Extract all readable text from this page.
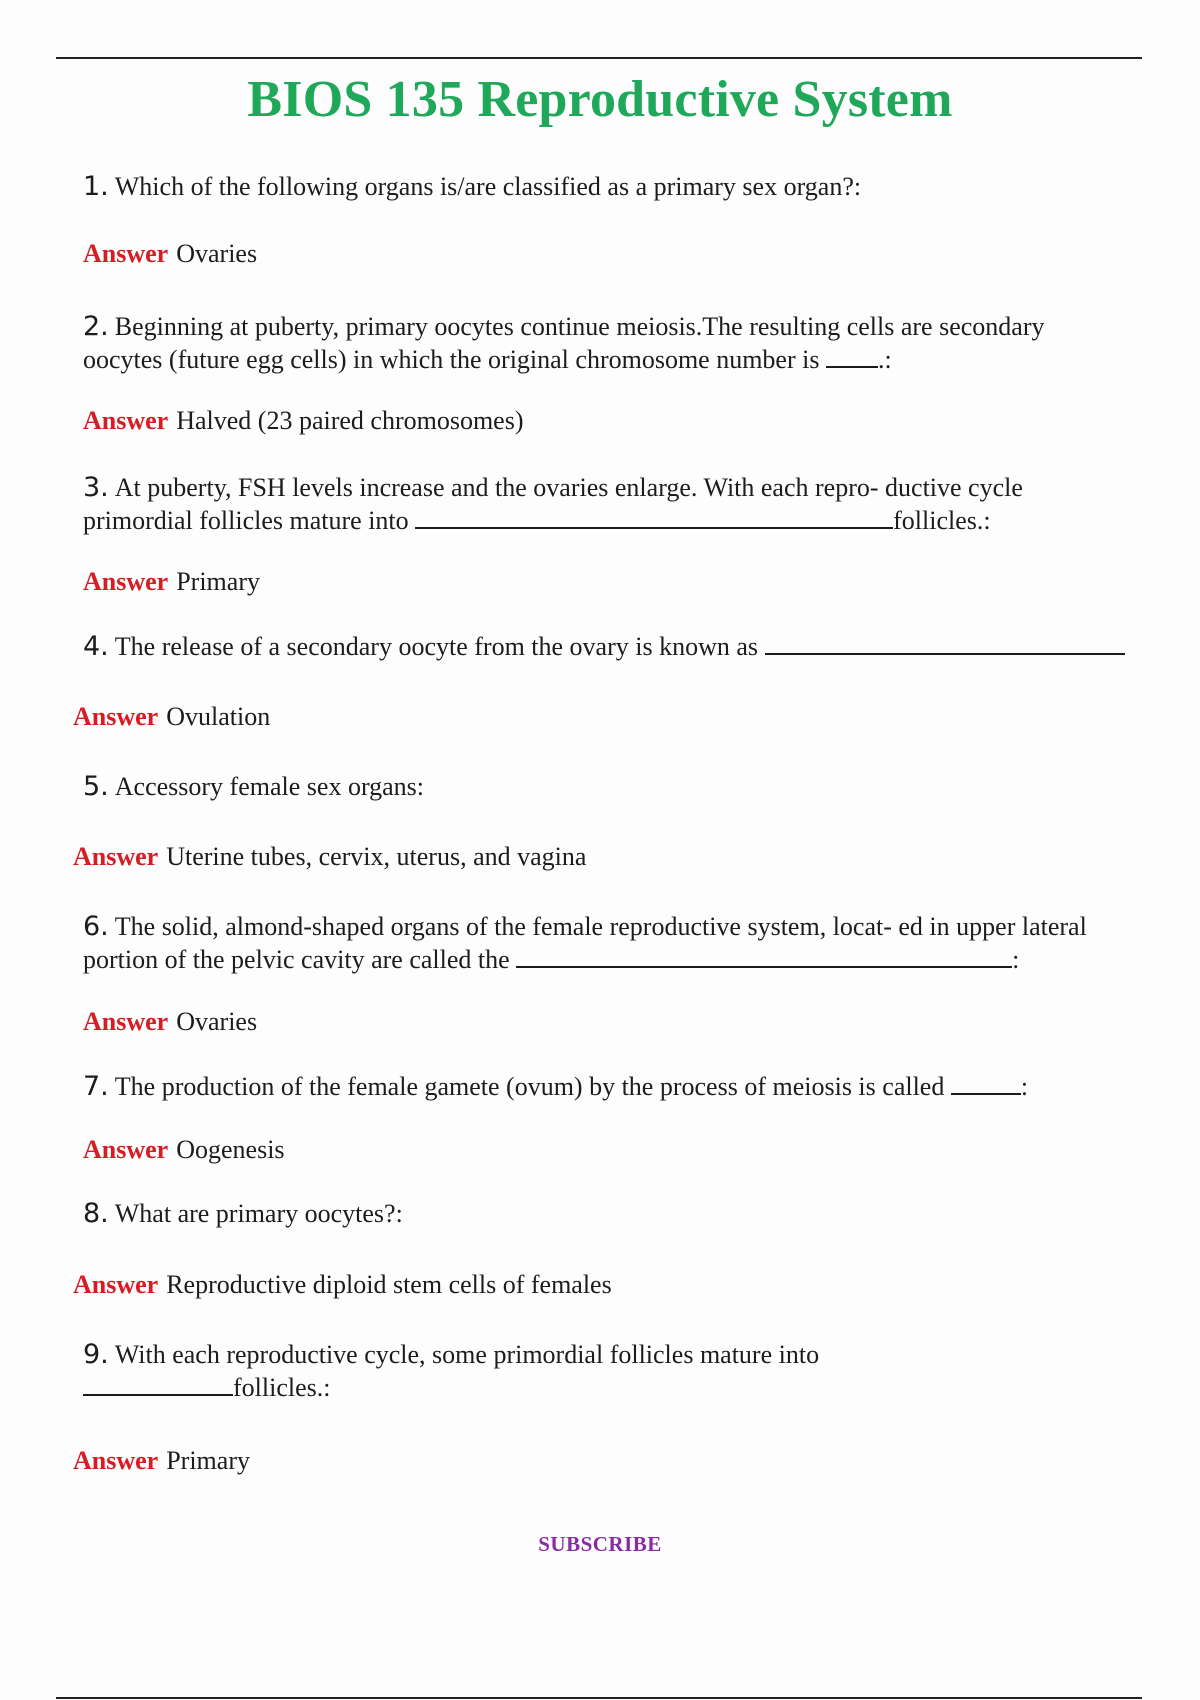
BIOS 135 Reproductive System
1. Which of the following organs is/are classified as a primary sex organ?:
Answer Ovaries
2. Beginning at puberty, primary oocytes continue meiosis.The resulting cells are secondary oocytes (future egg cells) in which the original chromosome number is .:
Answer Halved (23 paired chromosomes)
3. At puberty, FSH levels increase and the ovaries enlarge. With each repro- ductive cycle primordial follicles mature into	follicles.:
Answer Primary
4. The release of a secondary oocyte from the ovary is known as
Answer Ovulation
5. Accessory female sex organs:
Answer Uterine tubes, cervix, uterus, and vagina
6. The solid, almond-shaped organs of the female reproductive system, locat- ed in upper lateral portion of the pelvic cavity are called the	:
Answer Ovaries
7. The production of the female gamete (ovum) by the process of meiosis is called	:
Answer Oogenesis
8. What are primary oocytes?:
Answer Reproductive diploid stem cells of females
9. With each reproductive cycle, some primordial follicles mature into
follicles.:
Answer Primary
SUBSCRIBE
